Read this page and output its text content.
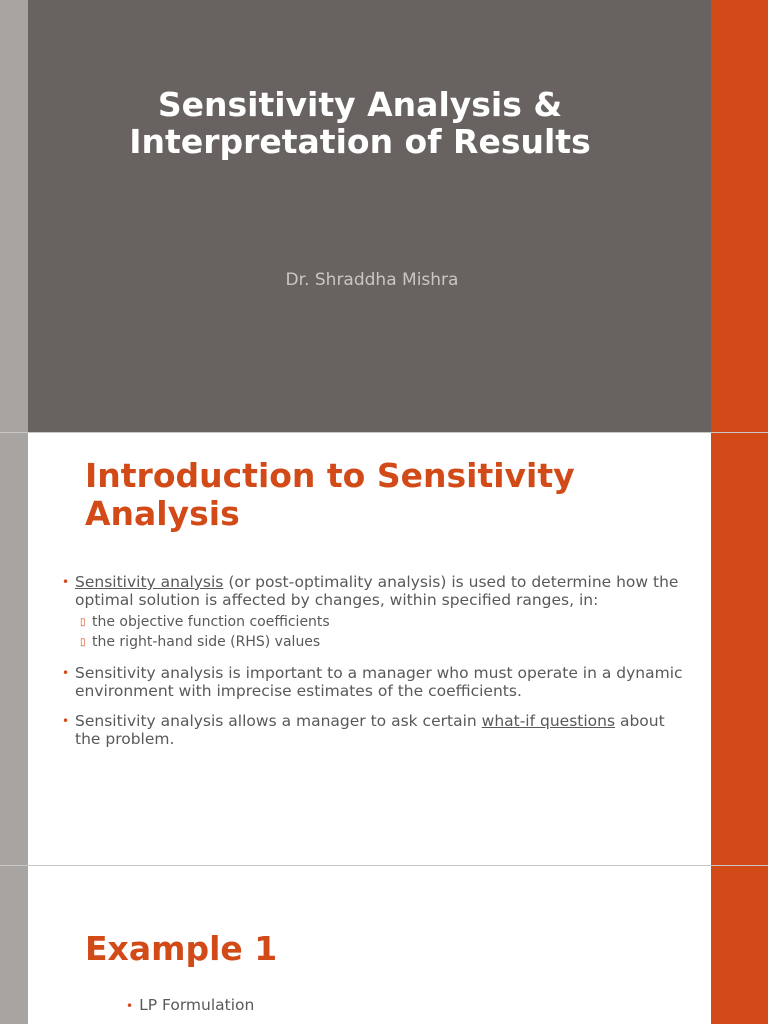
Sensitivity Analysis &
Interpretation of Results
Dr. Shraddha Mishra
Introduction to Sensitivity
Analysis
• Sensitivity analysis (or post-optimality analysis) is used to determine how the optimal solution is affected by changes, within specified ranges, in:
▯ the objective function coefficients
▯ the right-hand side (RHS) values
• Sensitivity analysis is important to a manager who must operate in a dynamic environment with imprecise estimates of the coefficients.
• Sensitivity analysis allows a manager to ask certain what-if questions about the problem.
Example 1
• LP Formulation
